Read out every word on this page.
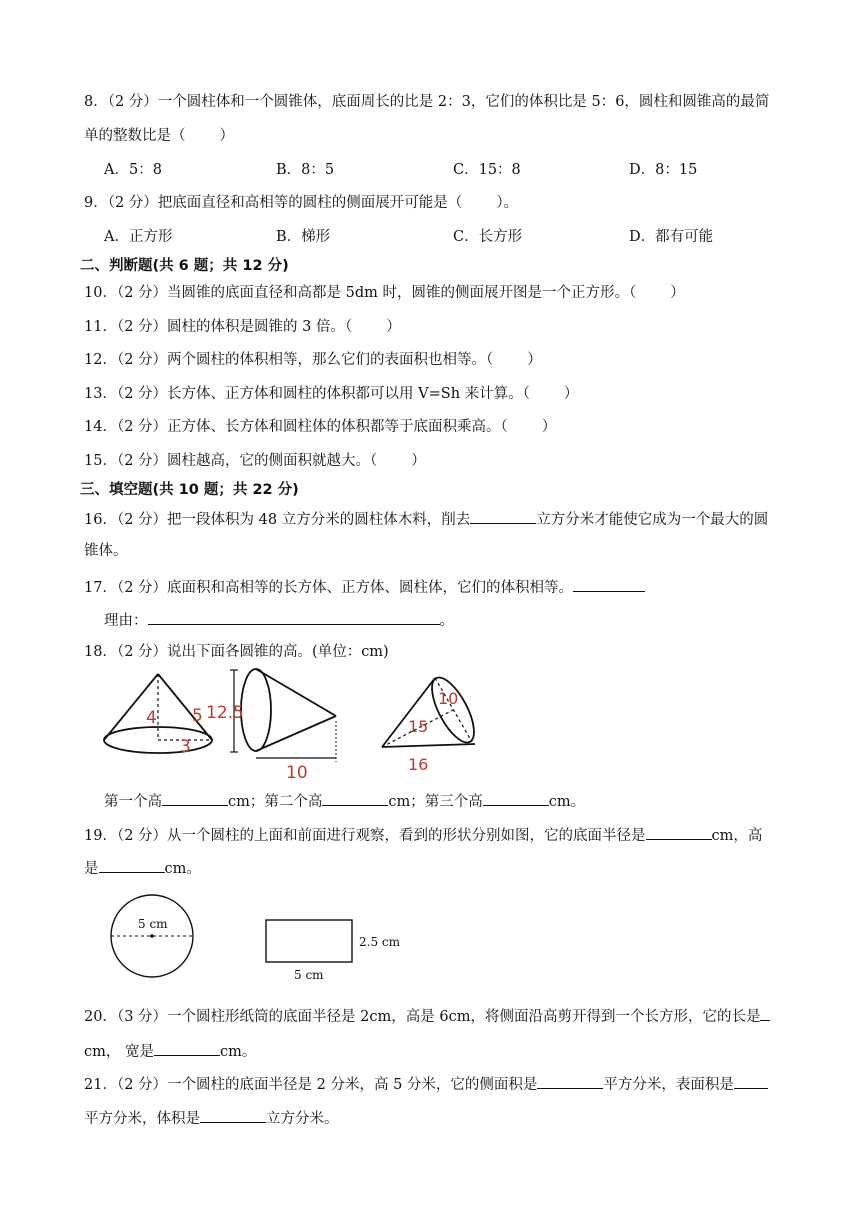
8．（2 分）一个圆柱体和一个圆锥体，底面周长的比是 2：3，它们的体积比是 5：6，圆柱和圆锥高的最简
单的整数比是（ ）
A．5：8	B．8：5	C．15：8	D．8：15
9．（2 分）把底面直径和高相等的圆柱的侧面展开可能是（ ）。
A．正方形	B．梯形	C．长方形	D．都有可能
二、判断题(共 6 题；共 12 分)
10．（2 分）当圆锥的底面直径和高都是 5dm 时，圆锥的侧面展开图是一个正方形。（ ）
11．（2 分）圆柱的体积是圆锥的 3 倍。（ ）
12．（2 分）两个圆柱的体积相等，那么它们的表面积也相等。（ ）
13．（2 分）长方体、正方体和圆柱的体积都可以用 V=Sh 来计算。（ ）
14．（2 分）正方体、长方体和圆柱体的体积都等于底面积乘高。（ ）
15．（2 分）圆柱越高，它的侧面积就越大。（ ）
三、填空题(共 10 题；共 22 分)
16．（2 分）把一段体积为 48 立方分米的圆柱体木料，削去	立方分米才能使它成为一个最大的圆
锥体。
17．（2 分）底面积和高相等的长方体、正方体、圆柱体，它们的体积相等。
理由：	。
18．（2 分）说出下面各圆锥的高。(单位：cm)
4 5
3
12.5
10
10
15
16
第一个高	cm；第二个高	cm；第三个高	cm。
19．（2 分）从一个圆柱的上面和前面进行观察，看到的形状分别如图，它的底面半径是	cm，高
是	cm。
5 cm
2.5 cm
5 cm
20．（3 分）一个圆柱形纸筒的底面半径是 2cm，高是 6cm，将侧面沿高剪开得到一个长方形，它的长是
cm， 宽是	cm。
21．（2 分）一个圆柱的底面半径是 2 分米，高 5 分米，它的侧面积是	平方分米，表面积是
平方分米，体积是	立方分米。
